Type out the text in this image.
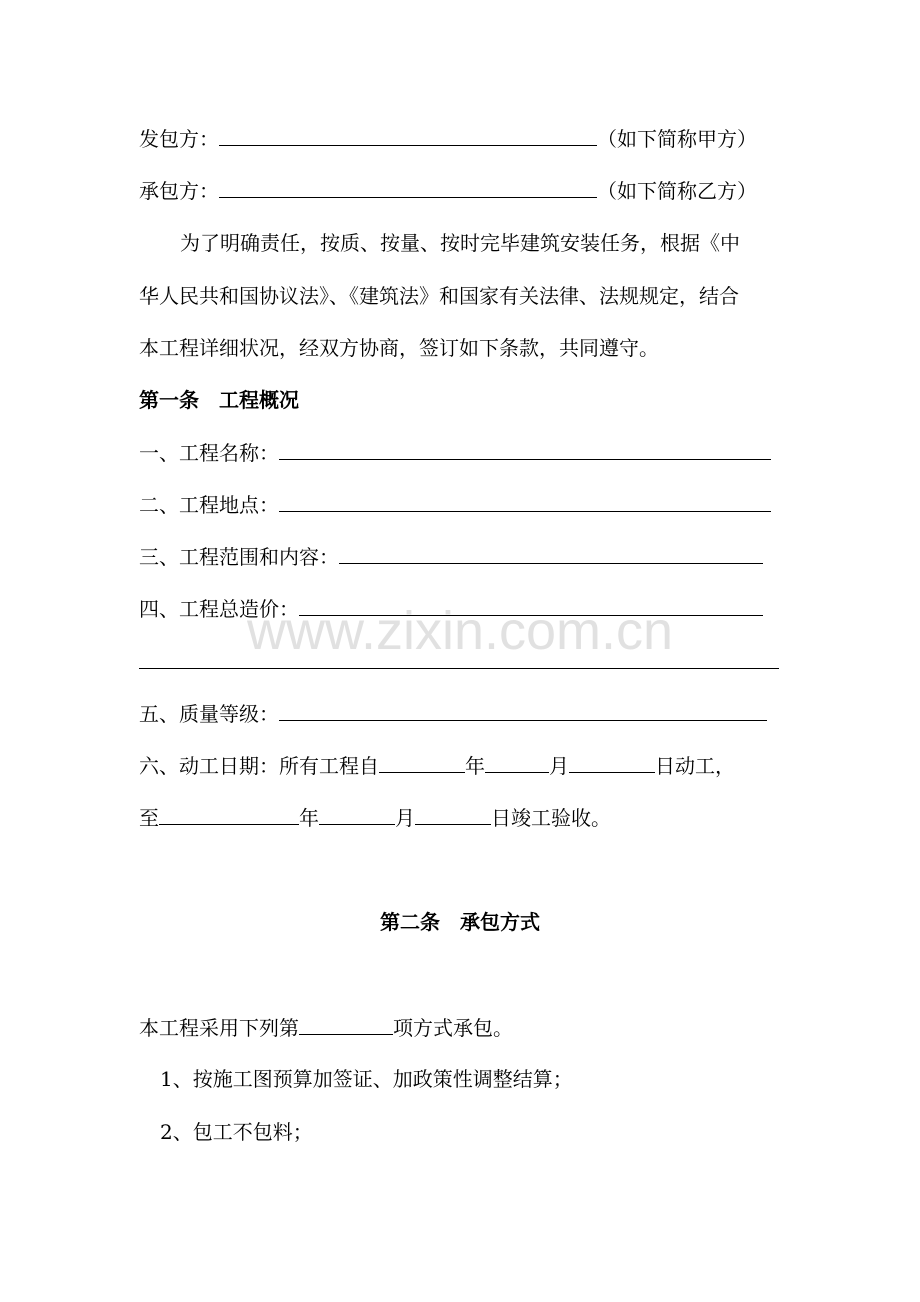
发包方：	（如下简称甲方）
承包方：	（如下简称乙方）
为了明确责任，按质、按量、按时完毕建筑安装任务，根据《中
华人民共和国协议法》、《建筑法》和国家有关法律、法规规定，结合
本工程详细状况，经双方协商，签订如下条款，共同遵守。
第一条　工程概况
一、工程名称：
二、工程地点：
三、工程范围和内容：
四、工程总造价：
五、质量等级：
六、动工日期：所有工程自	年	月	日动工，
至	年	月	日竣工验收。
第二条　承包方式
本工程采用下列第	项方式承包。
1、按施工图预算加签证、加政策性调整结算；
2、包工不包料；
www.zixin.com.cn
